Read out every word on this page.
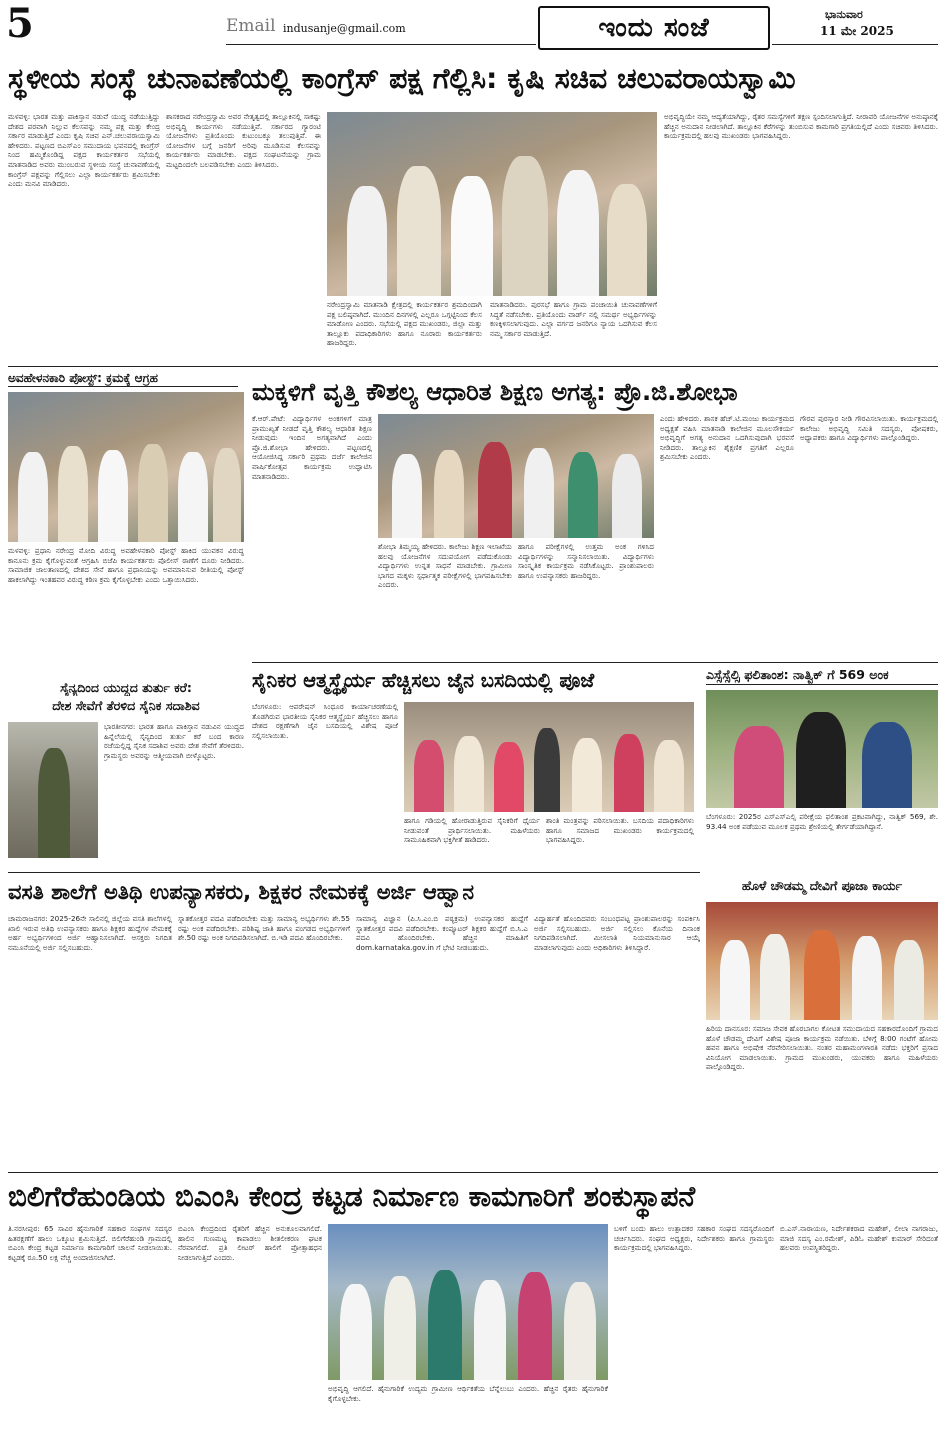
5	Email indusanje@gmail.com	ಇಂದು ಸಂಜೆ	ಭಾನುವಾರ
11 ಮೇ 2025
ಸ್ಥಳೀಯ ಸಂಸ್ಥೆ ಚುನಾವಣೆಯಲ್ಲಿ ಕಾಂಗ್ರೆಸ್ ಪಕ್ಷ ಗೆಲ್ಲಿಸಿ: ಕೃಷಿ ಸಚಿವ ಚಲುವರಾಯಸ್ವಾಮಿ
ಮಳವಳ್ಳಿ: ಭಾರತ ಮತ್ತು ಪಾಕಿಸ್ತಾನ ನಡುವೆ ಯುದ್ಧ ನಡೆಯುತ್ತಿದ್ದು ದೇಶದ ಪರವಾಗಿ ನಿಲ್ಲುವ ಕೆಲಸವನ್ನು ನಮ್ಮ ಪಕ್ಷ ಮತ್ತು ಕೇಂದ್ರ ಸರ್ಕಾರ ಮಾಡುತ್ತಿದೆ ಎಂದು ಕೃಷಿ ಸಚಿವ ಎನ್.ಚಲುವರಾಯಸ್ವಾಮಿ ಹೇಳಿದರು. ಪಟ್ಟಣದ ಬಿಎಸ್ಎಂ ಸಮುದಾಯ ಭವನದಲ್ಲಿ ಕಾಂಗ್ರೆಸ್ ನಿಂದ ಹಮ್ಮಿಕೊಂಡಿದ್ದ ಪಕ್ಷದ ಕಾರ್ಯಕರ್ತರ ಸಭೆಯಲ್ಲಿ ಮಾತನಾಡಿದ ಅವರು ಮುಂಬರುವ ಸ್ಥಳೀಯ ಸಂಸ್ಥೆ ಚುನಾವಣೆಯಲ್ಲಿ ಕಾಂಗ್ರೆಸ್ ಪಕ್ಷವನ್ನು ಗೆಲ್ಲಿಸಲು ಎಲ್ಲಾ ಕಾರ್ಯಕರ್ತರು ಶ್ರಮಿಸಬೇಕು ಎಂದು ಮನವಿ ಮಾಡಿದರು.
ಶಾಸಕರಾದ ನರೇಂದ್ರಸ್ವಾಮಿ ಅವರ ನೇತೃತ್ವದಲ್ಲಿ ತಾಲ್ಲೂಕಿನಲ್ಲಿ ಸಾಕಷ್ಟು ಅಭಿವೃದ್ಧಿ ಕಾರ್ಯಗಳು ನಡೆಯುತ್ತಿವೆ. ಸರ್ಕಾರದ ಗ್ಯಾರಂಟಿ ಯೋಜನೆಗಳು ಪ್ರತಿಯೊಂದು ಕುಟುಂಬಕ್ಕೂ ತಲುಪುತ್ತಿವೆ. ಈ ಯೋಜನೆಗಳ ಬಗ್ಗೆ ಜನರಿಗೆ ಅರಿವು ಮೂಡಿಸುವ ಕೆಲಸವನ್ನು ಕಾರ್ಯಕರ್ತರು ಮಾಡಬೇಕು. ಪಕ್ಷದ ಸಂಘಟನೆಯನ್ನು ಗ್ರಾಮ ಮಟ್ಟದಿಂದಲೇ ಬಲಪಡಿಸಬೇಕು ಎಂದು ತಿಳಿಸಿದರು.
ನರೇಂದ್ರಸ್ವಾಮಿ ಮಾತನಾಡಿ ಕ್ಷೇತ್ರದಲ್ಲಿ ಕಾರ್ಯಕರ್ತರ ಶ್ರಮದಿಂದಾಗಿ ಪಕ್ಷ ಬಲಿಷ್ಠವಾಗಿದೆ. ಮುಂದಿನ ದಿನಗಳಲ್ಲಿ ಎಲ್ಲರೂ ಒಗ್ಗಟ್ಟಿನಿಂದ ಕೆಲಸ ಮಾಡೋಣ ಎಂದರು. ಸಭೆಯಲ್ಲಿ ಪಕ್ಷದ ಮುಖಂಡರು, ಜಿಲ್ಲಾ ಮತ್ತು ತಾಲ್ಲೂಕು ಪದಾಧಿಕಾರಿಗಳು ಹಾಗೂ ನೂರಾರು ಕಾರ್ಯಕರ್ತರು ಹಾಜರಿದ್ದರು.
ಮಾತನಾಡಿದರು. ಪುರಸಭೆ ಹಾಗೂ ಗ್ರಾಮ ಪಂಚಾಯಿತಿ ಚುನಾವಣೆಗಳಿಗೆ ಸಿದ್ಧತೆ ನಡೆಸಬೇಕು. ಪ್ರತಿಯೊಂದು ವಾರ್ಡ್ ನಲ್ಲಿ ಸಮರ್ಥ ಅಭ್ಯರ್ಥಿಗಳನ್ನು ಕಣಕ್ಕಿಳಿಸಲಾಗುವುದು. ಎಲ್ಲಾ ವರ್ಗದ ಜನರಿಗೂ ನ್ಯಾಯ ಒದಗಿಸುವ ಕೆಲಸ ನಮ್ಮ ಸರ್ಕಾರ ಮಾಡುತ್ತಿದೆ.
ಅಭಿವೃದ್ಧಿಯೇ ನಮ್ಮ ಆದ್ಯತೆಯಾಗಿದ್ದು, ರೈತರ ಸಮಸ್ಯೆಗಳಿಗೆ ತಕ್ಷಣ ಸ್ಪಂದಿಸಲಾಗುತ್ತಿದೆ. ನೀರಾವರಿ ಯೋಜನೆಗಳ ಅನುಷ್ಠಾನಕ್ಕೆ ಹೆಚ್ಚಿನ ಅನುದಾನ ನೀಡಲಾಗಿದೆ. ತಾಲ್ಲೂಕಿನ ಕೆರೆಗಳನ್ನು ತುಂಬಿಸುವ ಕಾಮಗಾರಿ ಪ್ರಗತಿಯಲ್ಲಿದೆ ಎಂದು ಸಚಿವರು ತಿಳಿಸಿದರು. ಕಾರ್ಯಕ್ರಮದಲ್ಲಿ ಹಲವು ಮುಖಂಡರು ಭಾಗವಹಿಸಿದ್ದರು.
ಅವಹೇಳನಕಾರಿ ಪೋಸ್ಟ್: ಕ್ರಮಕ್ಕೆ ಆಗ್ರಹ
ಮಳವಳ್ಳಿ: ಪ್ರಧಾನಿ ನರೇಂದ್ರ ಮೋದಿ ವಿರುದ್ಧ ಅವಹೇಳನಕಾರಿ ಪೋಸ್ಟ್ ಹಾಕಿದ ಯುವಕನ ವಿರುದ್ಧ ಕಾನೂನು ಕ್ರಮ ಕೈಗೊಳ್ಳುವಂತೆ ಆಗ್ರಹಿಸಿ ಬಿಜೆಪಿ ಕಾರ್ಯಕರ್ತರು ಪೊಲೀಸ್ ಠಾಣೆಗೆ ದೂರು ನೀಡಿದರು. ಸಾಮಾಜಿಕ ಜಾಲತಾಣದಲ್ಲಿ ದೇಶದ ಸೇನೆ ಹಾಗೂ ಪ್ರಧಾನಿಯನ್ನು ಅವಮಾನಿಸುವ ರೀತಿಯಲ್ಲಿ ಪೋಸ್ಟ್ ಹಾಕಲಾಗಿದ್ದು ಇಂತಹವರ ವಿರುದ್ಧ ಕಠಿಣ ಕ್ರಮ ಕೈಗೊಳ್ಳಬೇಕು ಎಂದು ಒತ್ತಾಯಿಸಿದರು.
ಸೈನ್ಯದಿಂದ ಯುದ್ಧದ ತುರ್ತು ಕರೆ:
ದೇಶ ಸೇವೆಗೆ ತೆರಳಿದ ಸೈನಿಕ ಸದಾಶಿವ
ಭಾರತೀನಗರ: ಭಾರತ ಹಾಗೂ ಪಾಕಿಸ್ತಾನ ನಡುವಿನ ಯುದ್ಧದ ಹಿನ್ನೆಲೆಯಲ್ಲಿ ಸೈನ್ಯದಿಂದ ತುರ್ತು ಕರೆ ಬಂದ ಕಾರಣ ರಜೆಯಲ್ಲಿದ್ದ ಸೈನಿಕ ಸದಾಶಿವ ಅವರು ದೇಶ ಸೇವೆಗೆ ತೆರಳಿದರು. ಗ್ರಾಮಸ್ಥರು ಅವರನ್ನು ಆತ್ಮೀಯವಾಗಿ ಬೀಳ್ಕೊಟ್ಟರು.
ಮಕ್ಕಳಿಗೆ ವೃತ್ತಿ ಕೌಶಲ್ಯ ಆಧಾರಿತ ಶಿಕ್ಷಣ ಅಗತ್ಯ: ಪ್ರೊ.ಜಿ.ಶೋಭಾ
ಕೆ.ಆರ್.ಪೇಟೆ: ವಿದ್ಯಾರ್ಥಿಗಳ ಅಂಕಗಳಿಗೆ ಮಾತ್ರ ಪ್ರಾಮುಖ್ಯತೆ ನೀಡದೆ ವೃತ್ತಿ ಕೌಶಲ್ಯ ಆಧಾರಿತ ಶಿಕ್ಷಣ ನೀಡುವುದು ಇಂದಿನ ಅಗತ್ಯವಾಗಿದೆ ಎಂದು ಪ್ರೊ.ಜಿ.ಶೋಭಾ ಹೇಳಿದರು. ಪಟ್ಟಣದಲ್ಲಿ ಆಯೋಜಿಸಿದ್ದ ಸರ್ಕಾರಿ ಪ್ರಥಮ ದರ್ಜೆ ಕಾಲೇಜಿನ ವಾರ್ಷಿಕೋತ್ಸವ ಕಾರ್ಯಕ್ರಮ ಉದ್ಘಾಟಿಸಿ ಮಾತನಾಡಿದರು.
ಶೋಭಾ ತಿಮ್ಮಯ್ಯ ಹೇಳಿದರು. ಕಾಲೇಜು ಶಿಕ್ಷಣ ಇಲಾಖೆಯ ಹಲವು ಯೋಜನೆಗಳ ಸದುಪಯೋಗ ಪಡೆದುಕೊಂಡು ವಿದ್ಯಾರ್ಥಿಗಳು ಉನ್ನತ ಸಾಧನೆ ಮಾಡಬೇಕು. ಗ್ರಾಮೀಣ ಭಾಗದ ಮಕ್ಕಳು ಸ್ಪರ್ಧಾತ್ಮಕ ಪರೀಕ್ಷೆಗಳಲ್ಲಿ ಭಾಗವಹಿಸಬೇಕು ಎಂದರು.
ಹಾಗೂ ಪರೀಕ್ಷೆಗಳಲ್ಲಿ ಉತ್ತಮ ಅಂಕ ಗಳಿಸಿದ ವಿದ್ಯಾರ್ಥಿಗಳನ್ನು ಸನ್ಮಾನಿಸಲಾಯಿತು. ವಿದ್ಯಾರ್ಥಿಗಳು ಸಾಂಸ್ಕೃತಿಕ ಕಾರ್ಯಕ್ರಮ ನಡೆಸಿಕೊಟ್ಟರು. ಪ್ರಾಂಶುಪಾಲರು ಹಾಗೂ ಉಪನ್ಯಾಸಕರು ಹಾಜರಿದ್ದರು.
ಎಂದು ಹೇಳಿದರು. ಶಾಸಕ ಹೆಚ್.ಟಿ.ಮಂಜು ಕಾರ್ಯಕ್ರಮದ ಅಧ್ಯಕ್ಷತೆ ವಹಿಸಿ ಮಾತನಾಡಿ ಕಾಲೇಜಿನ ಮೂಲಸೌಕರ್ಯ ಅಭಿವೃದ್ಧಿಗೆ ಅಗತ್ಯ ಅನುದಾನ ಒದಗಿಸುವುದಾಗಿ ಭರವಸೆ ನೀಡಿದರು. ತಾಲ್ಲೂಕಿನ ಶೈಕ್ಷಣಿಕ ಪ್ರಗತಿಗೆ ಎಲ್ಲರೂ ಶ್ರಮಿಸಬೇಕು ಎಂದರು.
ಗೌರವ ಪುರಸ್ಕಾರ ನೀಡಿ ಗೌರವಿಸಲಾಯಿತು. ಕಾರ್ಯಕ್ರಮದಲ್ಲಿ ಕಾಲೇಜು ಅಭಿವೃದ್ಧಿ ಸಮಿತಿ ಸದಸ್ಯರು, ಪೋಷಕರು, ಅಧ್ಯಾಪಕರು ಹಾಗೂ ವಿದ್ಯಾರ್ಥಿಗಳು ಪಾಲ್ಗೊಂಡಿದ್ದರು.
ಸೈನಿಕರ ಆತ್ಮಸ್ಥೈರ್ಯ ಹೆಚ್ಚಿಸಲು ಜೈನ ಬಸದಿಯಲ್ಲಿ ಪೂಜೆ
ಬೆಂಗಳೂರು: ಆಪರೇಷನ್ ಸಿಂಧೂರ ಕಾರ್ಯಾಚರಣೆಯಲ್ಲಿ ತೊಡಗಿರುವ ಭಾರತೀಯ ಸೈನಿಕರ ಆತ್ಮಸ್ಥೈರ್ಯ ಹೆಚ್ಚಿಸಲು ಹಾಗೂ ದೇಶದ ರಕ್ಷಣೆಗಾಗಿ ಜೈನ ಬಸದಿಯಲ್ಲಿ ವಿಶೇಷ ಪೂಜೆ ಸಲ್ಲಿಸಲಾಯಿತು.
ಹಾಗೂ ಗಡಿಯಲ್ಲಿ ಹೋರಾಡುತ್ತಿರುವ ಸೈನಿಕರಿಗೆ ಧೈರ್ಯ ನೀಡುವಂತೆ ಪ್ರಾರ್ಥಿಸಲಾಯಿತು. ಮಹಿಳೆಯರು ಸಾಮೂಹಿಕವಾಗಿ ಭಕ್ತಿಗೀತೆ ಹಾಡಿದರು.
ಶಾಂತಿ ಮಂತ್ರವನ್ನು ಪಠಿಸಲಾಯಿತು. ಬಸದಿಯ ಪದಾಧಿಕಾರಿಗಳು ಹಾಗೂ ಸಮಾಜದ ಮುಖಂಡರು ಕಾರ್ಯಕ್ರಮದಲ್ಲಿ ಭಾಗವಹಿಸಿದ್ದರು.
ಎಸ್ಸೆಸ್ಸೆಲ್ಸಿ ಫಲಿತಾಂಶ: ನಾತ್ವಿಕ್ ಗೆ 569 ಅಂಕ
ಬೆಂಗಳೂರು: 2025ರ ಎಸ್ಎಸ್ಎಲ್ಸಿ ಪರೀಕ್ಷೆಯ ಫಲಿತಾಂಶ ಪ್ರಕಟವಾಗಿದ್ದು, ನಾತ್ವಿಕ್ 569, ಶೇ. 93.44 ಅಂಕ ಪಡೆಯುವ ಮೂಲಕ ಪ್ರಥಮ ಶ್ರೇಣಿಯಲ್ಲಿ ತೇರ್ಗಡೆಯಾಗಿದ್ದಾನೆ.
ಹೊಳೆ ಚೌಡಮ್ಮ ದೇವಿಗೆ ಪೂಜಾ ಕಾರ್ಯ
ಹಿರಿಯ ದಾನಸೂರ: ಸಮಾಜ ಸೇವಕ ಹೊರಬಾಗಲ ಕೋಟತ ಸಮುದಾಯದ ಸಹಕಾರದೊಂದಿಗೆ ಗ್ರಾಮದ ಹೊಳೆ ಚೌಡಮ್ಮ ದೇವಿಗೆ ವಿಶೇಷ ಪೂಜಾ ಕಾರ್ಯಕ್ರಮ ನಡೆಯಿತು. ಬೆಳಿಗ್ಗೆ 8:00 ಗಂಟೆಗೆ ಹೋಮ ಹವನ ಹಾಗೂ ಅಭಿಷೇಕ ನೆರವೇರಿಸಲಾಯಿತು. ನಂತರ ಮಹಾಮಂಗಳಾರತಿ ನಡೆದು ಭಕ್ತರಿಗೆ ಪ್ರಸಾದ ವಿನಿಯೋಗ ಮಾಡಲಾಯಿತು. ಗ್ರಾಮದ ಮುಖಂಡರು, ಯುವಕರು ಹಾಗೂ ಮಹಿಳೆಯರು ಪಾಲ್ಗೊಂಡಿದ್ದರು.
ವಸತಿ ಶಾಲೆಗೆ ಅತಿಥಿ ಉಪನ್ಯಾಸಕರು, ಶಿಕ್ಷಕರ ನೇಮಕಕ್ಕೆ ಅರ್ಜಿ ಆಹ್ವಾನ
ಚಾಮರಾಜನಗರ: 2025-26ನೇ ಸಾಲಿನಲ್ಲಿ ಜಿಲ್ಲೆಯ ವಸತಿ ಶಾಲೆಗಳಲ್ಲಿ ಖಾಲಿ ಇರುವ ಅತಿಥಿ ಉಪನ್ಯಾಸಕರು ಹಾಗೂ ಶಿಕ್ಷಕರ ಹುದ್ದೆಗಳ ನೇಮಕಕ್ಕೆ ಅರ್ಹ ಅಭ್ಯರ್ಥಿಗಳಿಂದ ಅರ್ಜಿ ಆಹ್ವಾನಿಸಲಾಗಿದೆ. ಆಸಕ್ತರು ನಿಗದಿತ ನಮೂನೆಯಲ್ಲಿ ಅರ್ಜಿ ಸಲ್ಲಿಸಬಹುದು.
ಸ್ನಾತಕೋತ್ತರ ಪದವಿ ಪಡೆದಿರಬೇಕು ಮತ್ತು ಸಾಮಾನ್ಯ ಅಭ್ಯರ್ಥಿಗಳು ಶೇ.55 ರಷ್ಟು ಅಂಕ ಪಡೆದಿರಬೇಕು. ಪರಿಶಿಷ್ಟ ಜಾತಿ ಹಾಗೂ ಪಂಗಡದ ಅಭ್ಯರ್ಥಿಗಳಿಗೆ ಶೇ.50 ರಷ್ಟು ಅಂಕ ನಿಗದಿಪಡಿಸಲಾಗಿದೆ. ಬಿ.ಇಡಿ ಪದವಿ ಹೊಂದಿರಬೇಕು.
ಸಾಮಾನ್ಯ ವಿಜ್ಞಾನ (ಪಿ.ಸಿ.ಎಂ.ಬಿ ಪಠ್ಯಕ್ರಮ) ಉಪನ್ಯಾಸಕರ ಹುದ್ದೆಗೆ ಸ್ನಾತಕೋತ್ತರ ಪದವಿ ಪಡೆದಿರಬೇಕು. ಕಂಪ್ಯೂಟರ್ ಶಿಕ್ಷಕರ ಹುದ್ದೆಗೆ ಬಿ.ಸಿ.ಎ ಪದವಿ ಹೊಂದಿರಬೇಕು. ಹೆಚ್ಚಿನ ಮಾಹಿತಿಗೆ dom.karnataka.gov.in ಗೆ ಭೇಟಿ ನೀಡಬಹುದು.
ವಿದ್ಯಾರ್ಹತೆ ಹೊಂದಿದವರು ಸಂಬಂಧಪಟ್ಟ ಪ್ರಾಂಶುಪಾಲರನ್ನು ಸಂಪರ್ಕಿಸಿ ಅರ್ಜಿ ಸಲ್ಲಿಸಬಹುದು. ಅರ್ಜಿ ಸಲ್ಲಿಸಲು ಕೊನೆಯ ದಿನಾಂಕ ನಿಗದಿಪಡಿಸಲಾಗಿದೆ. ಮೀಸಲಾತಿ ನಿಯಮಾನುಸಾರ ಆಯ್ಕೆ ಮಾಡಲಾಗುವುದು ಎಂದು ಅಧಿಕಾರಿಗಳು ತಿಳಿಸಿದ್ದಾರೆ.
ಬಿಲಿಗೆರೆಹುಂಡಿಯ ಬಿಎಂಸಿ ಕೇಂದ್ರ ಕಟ್ಟಡ ನಿರ್ಮಾಣ ಕಾಮಗಾರಿಗೆ ಶಂಕುಸ್ಥಾಪನೆ
ತಿ.ನರಸೀಪುರ: 65 ಸಾವಿರ ಹೈನುಗಾರಿಕೆ ಸಹಕಾರ ಸಂಘಗಳ ಸದಸ್ಯರ ಹಿತರಕ್ಷಣೆಗೆ ಹಾಲು ಒಕ್ಕೂಟ ಶ್ರಮಿಸುತ್ತಿದೆ. ಬಿಲಿಗೆರೆಹುಂಡಿ ಗ್ರಾಮದಲ್ಲಿ ಬಿಎಂಸಿ ಕೇಂದ್ರ ಕಟ್ಟಡ ನಿರ್ಮಾಣ ಕಾಮಗಾರಿಗೆ ಚಾಲನೆ ನೀಡಲಾಯಿತು. ಕಟ್ಟಡಕ್ಕೆ ರೂ.50 ಲಕ್ಷ ವೆಚ್ಚ ಅಂದಾಜಿಸಲಾಗಿದೆ.
ಬಿಎಂಸಿ ಕೇಂದ್ರದಿಂದ ರೈತರಿಗೆ ಹೆಚ್ಚಿನ ಅನುಕೂಲವಾಗಲಿದೆ. ಹಾಲಿನ ಗುಣಮಟ್ಟ ಕಾಪಾಡಲು ಶೀತಲೀಕರಣ ಘಟಕ ನೆರವಾಗಲಿದೆ. ಪ್ರತಿ ಲೀಟರ್ ಹಾಲಿಗೆ ಪ್ರೋತ್ಸಾಹಧನ ನೀಡಲಾಗುತ್ತಿದೆ ಎಂದರು.
ಅಭಿವೃದ್ಧಿ ಆಗಲಿದೆ. ಹೈನುಗಾರಿಕೆ ಉದ್ಯಮ ಗ್ರಾಮೀಣ ಆರ್ಥಿಕತೆಯ ಬೆನ್ನೆಲುಬು ಎಂದರು. ಹೆಚ್ಚಿನ ರೈತರು ಹೈನುಗಾರಿಕೆ ಕೈಗೊಳ್ಳಬೇಕು.
ಬಳಿಗೆ ಬಂದು ಹಾಲು ಉತ್ಪಾದಕರ ಸಹಕಾರ ಸಂಘದ ಸದಸ್ಯರೊಂದಿಗೆ ಚರ್ಚಿಸಿದರು. ಸಂಘದ ಅಧ್ಯಕ್ಷರು, ನಿರ್ದೇಶಕರು ಹಾಗೂ ಗ್ರಾಮಸ್ಥರು ಕಾರ್ಯಕ್ರಮದಲ್ಲಿ ಭಾಗವಹಿಸಿದ್ದರು.
ಬಿ.ಎಸ್.ನಾರಾಯಣ, ನಿರ್ದೇಶಕರಾದ ಮಹೇಶ್, ಲೀಲಾ ನಾಗರಾಜು, ಮಾಜಿ ಸದಸ್ಯ ಎಂ.ರಮೇಶ್, ಪಿಡಿಓ ಮಹೇಶ್ ಕುಮಾರ್ ಸೇರಿದಂತೆ ಹಲವರು ಉಪಸ್ಥಿತರಿದ್ದರು.
